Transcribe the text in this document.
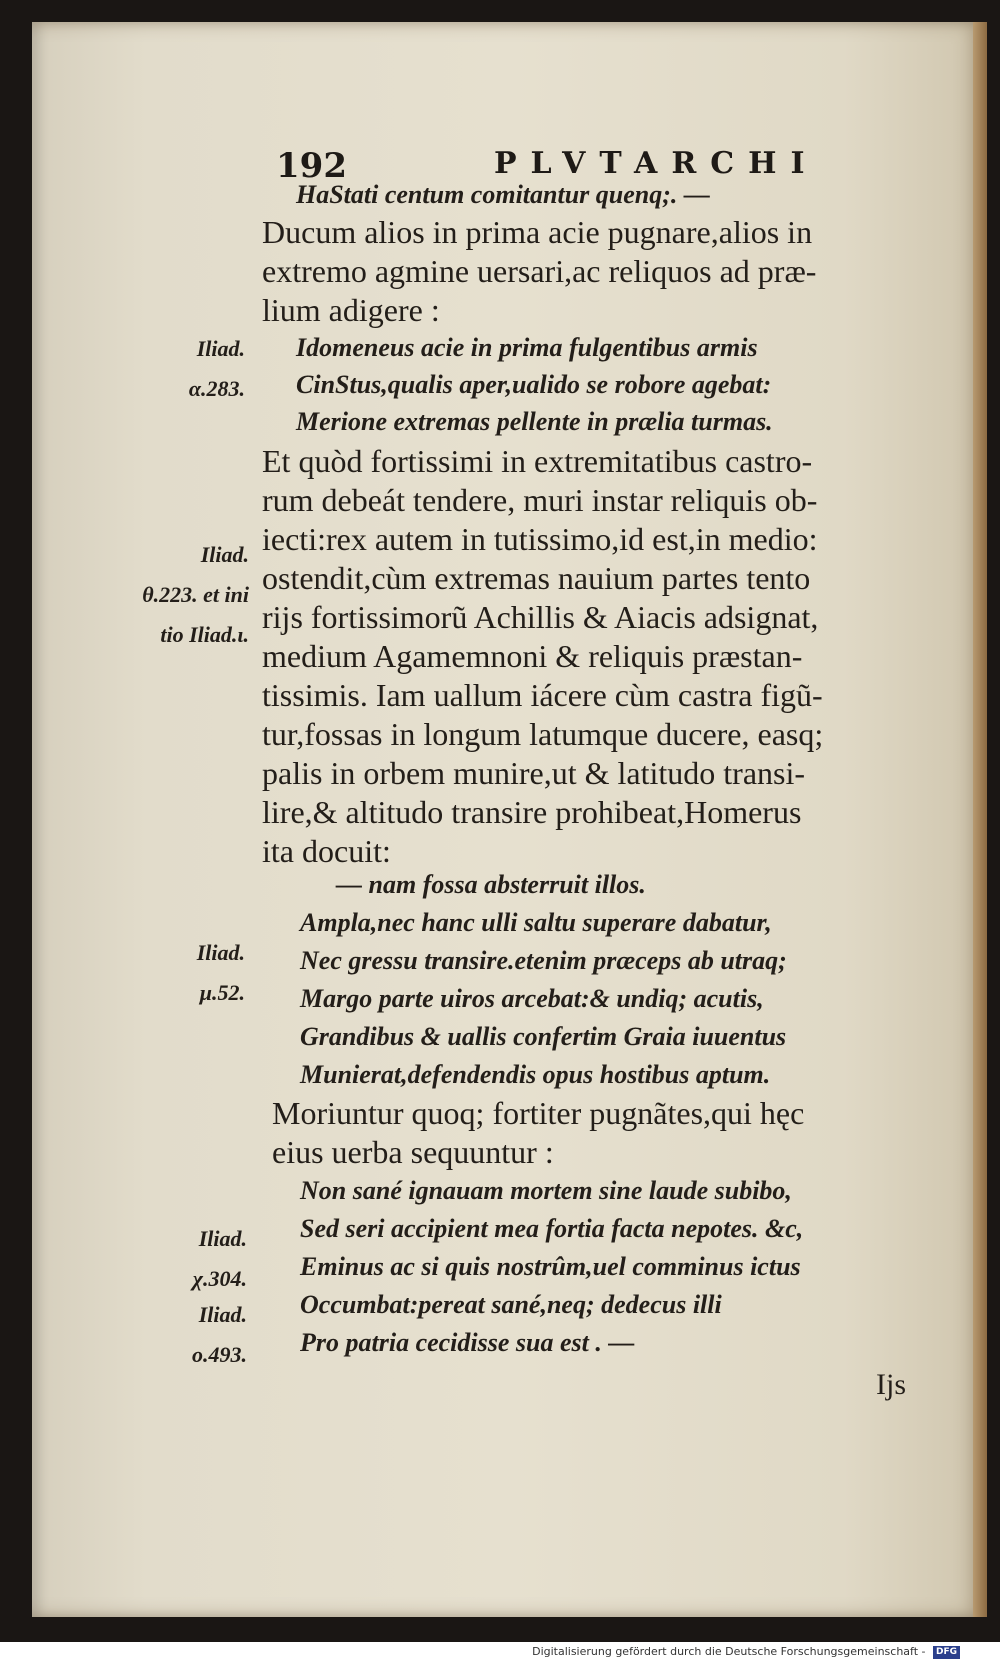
192	PLVTARCHI
HaStati centum comitantur quenq;. —
Ducum alios in prima acie pugnare,alios in
extremo agmine uersari,ac reliquos ad præ-
lium adigere :
Idomeneus acie in prima fulgentibus armis
CinStus,qualis aper,ualido se robore agebat:
Merione extremas pellente in prælia turmas.
Et quòd fortissimi in extremitatibus castro-
rum debeát tendere, muri instar reliquis ob-
iecti:rex autem in tutissimo,id est,in medio:
ostendit,cùm extremas nauium partes tento
rijs fortissimorũ Achillis & Aiacis adsignat,
medium Agamemnoni & reliquis præstan-
tissimis. Iam uallum iácere cùm castra figũ-
tur,fossas in longum latumque ducere, easq;
palis in orbem munire,ut & latitudo transi-
lire,& altitudo transire prohibeat,Homerus
ita docuit:
— nam fossa absterruit illos.
Ampla,nec hanc ulli saltu superare dabatur,
Nec gressu transire.etenim præceps ab utraq;
Margo parte uiros arcebat:& undiq; acutis,
Grandibus & uallis confertim Graia iuuentus
Munierat,defendendis opus hostibus aptum.
Moriuntur quoq; fortiter pugnãtes,qui hęc
eius uerba sequuntur :
Non sané ignauam mortem sine laude subibo,
Sed seri accipient mea fortia facta nepotes. &c,
Eminus ac si quis nostrûm,uel comminus ictus
Occumbat:pereat sané,neq; dedecus illi
Pro patria cecidisse sua est . —
Iliad.
α.283.
Iliad.
θ.223. et ini
tio Iliad.ι.
Iliad.
μ.52.
Iliad.
χ.304.
Iliad.
ο.493.
Ijs
Digitalisierung gefördert durch die Deutsche Forschungsgemeinschaft - DFG
